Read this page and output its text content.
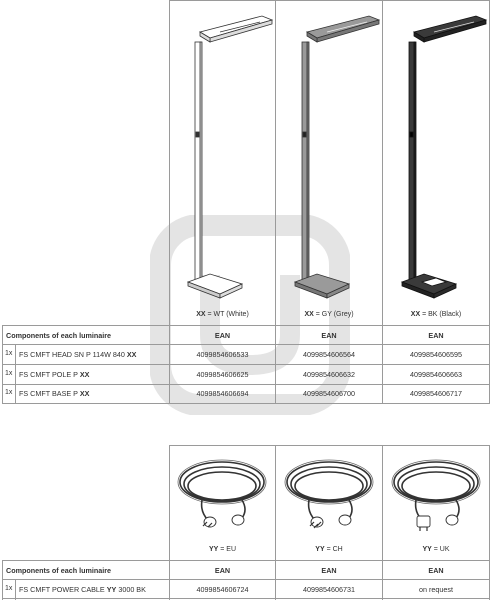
XX = WT (White)	XX = GY (Grey)	XX = BK (Black)
Components of each luminaire	EAN	EAN	EAN
1x FS CMFT HEAD SN P 114W 840 XX	4099854606533	4099854606564	4099854606595
1x FS CMFT POLE P XX	4099854606625	4099854606632	4099854606663
1x FS CMFT BASE P XX	4099854606694	4099854606700	4099854606717
YY = EU	YY = CH	YY = UK
Components of each luminaire	EAN	EAN	EAN
1x FS CMFT POWER CABLE YY 3000 BK	4099854606724	4099854606731	on request
